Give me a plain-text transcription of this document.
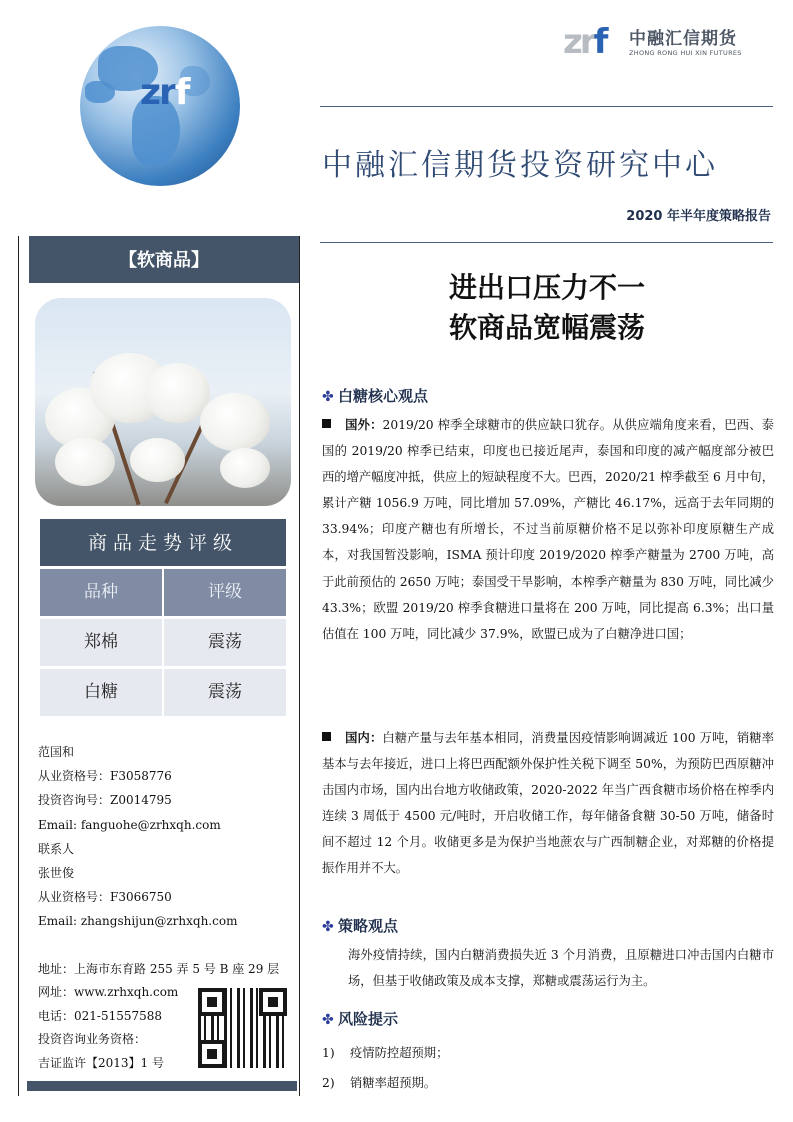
zrf
zrf 中融汇信期货
ZHONG RONG HUI XIN FUTURES
中融汇信期货投资研究中心
2020 年半年度策略报告
【软商品】
商品走势评级
品种	评级
郑棉	震荡
白糖	震荡
范国和
从业资格号：F3058776
投资咨询号：Z0014795
Email: fanguohe@zrhxqh.com
联系人
张世俊
从业资格号：F3066750
Email: zhangshijun@zrhxqh.com
地址：上海市东育路 255 弄 5 号 B 座 29 层
网址：www.zrhxqh.com
电话：021-51557588
投资咨询业务资格：
吉证监许【2013】1 号
进出口压力不一
软商品宽幅震荡
✤ 白糖核心观点
国外：2019/20 榨季全球糖市的供应缺口犹存。从供应端角度来看，巴西、泰国的 2019/20 榨季已结束，印度也已接近尾声，泰国和印度的减产幅度部分被巴西的增产幅度冲抵，供应上的短缺程度不大。巴西，2020/21 榨季截至 6 月中旬，累计产糖 1056.9 万吨，同比增加 57.09%，产糖比 46.17%，远高于去年同期的 33.94%；印度产糖也有所增长，不过当前原糖价格不足以弥补印度原糖生产成本，对我国暂没影响，ISMA 预计印度 2019/2020 榨季产糖量为 2700 万吨，高于此前预估的 2650 万吨；泰国受干旱影响，本榨季产糖量为 830 万吨，同比减少 43.3%；欧盟 2019/20 榨季食糖进口量将在 200 万吨，同比提高 6.3%；出口量估值在 100 万吨，同比减少 37.9%，欧盟已成为了白糖净进口国；
国内：白糖产量与去年基本相同，消费量因疫情影响调减近 100 万吨，销糖率基本与去年接近，进口上将巴西配额外保护性关税下调至 50%，为预防巴西原糖冲击国内市场，国内出台地方收储政策，2020-2022 年当广西食糖市场价格在榨季内连续 3 周低于 4500 元/吨时，开启收储工作，每年储备食糖 30-50 万吨，储备时间不超过 12 个月。收储更多是为保护当地蔗农与广西制糖企业，对郑糖的价格提振作用并不大。
✤ 策略观点
海外疫情持续，国内白糖消费损失近 3 个月消费，且原糖进口冲击国内白糖市场，但基于收储政策及成本支撑，郑糖或震荡运行为主。
✤ 风险提示
1) 疫情防控超预期；
2) 销糖率超预期。
